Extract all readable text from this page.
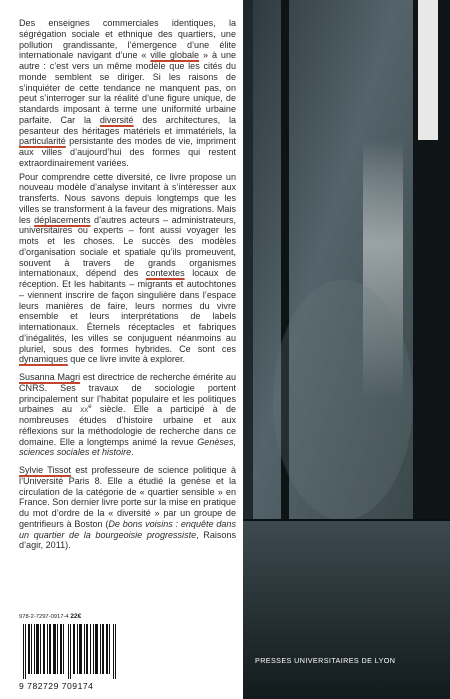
Des enseignes commerciales identiques, la ségrégation sociale et ethnique des quartiers, une pollution grandissante, l’émergence d’une élite internationale navigant d’une « ville globale » à une autre : c’est vers un même modèle que les cités du monde semblent se diriger. Si les raisons de s’inquiéter de cette tendance ne manquent pas, on peut s’interroger sur la réalité d’une figure unique, de standards imposant à terme une uniformité urbaine parfaite. Car la diversité des architectures, la pesanteur des héritages matériels et immatériels, la particularité persistante des modes de vie, impriment aux villes d’aujourd’hui des formes qui restent extraordinairement variées.

Pour comprendre cette diversité, ce livre propose un nouveau modèle d’analyse invitant à s’intéresser aux transferts. Nous savons depuis longtemps que les villes se transforment à la faveur des migrations. Mais les déplacements d’autres acteurs – administrateurs, universitaires ou experts – font aussi voyager les mots et les choses. Le succès des modèles d’organisation sociale et spatiale qu’ils promeuvent, souvent à travers de grands organismes internationaux, dépend des contextes locaux de réception. Et les habitants – migrants et autochtones – viennent inscrire de façon singulière dans l’espace leurs manières de faire, leurs normes du vivre ensemble et leurs interprétations de labels internationaux. Éternels réceptacles et fabriques d’inégalités, les villes se conjuguent néanmoins au pluriel, sous des formes hybrides. Ce sont ces dynamiques que ce livre invite à explorer.

Susanna Magri est directrice de recherche émérite au CNRS. Ses travaux de sociologie portent principalement sur l’habitat populaire et les politiques urbaines au $xx^e$ siècle. Elle a participé à de nombreuses études d’histoire urbaine et aux réflexions sur la méthodologie de recherche dans ce domaine. Elle a longtemps animé la revue Genèses, sciences sociales et histoire.

Sylvie Tissot est professeure de science politique à l’Université Paris 8. Elle a étudié la genèse et la circulation de la catégorie de « quartier sensible » en France. Son dernier livre porte sur la mise en pratique du mot d’ordre de la « diversité » par un groupe de gentrifieurs à Boston (De bons voisins : enquête dans un quartier de la bourgeoisie progressiste, Raisons d’agir, 2011).

978-2-7297-0917-4 22€
9 782729 709174
PRESSES UNIVERSITAIRES DE LYON
